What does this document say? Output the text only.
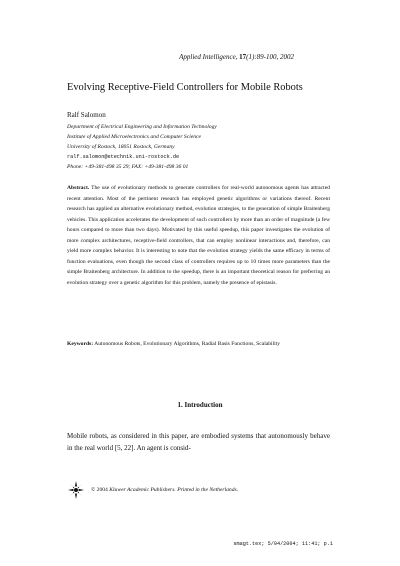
Applied Intelligence, 17(1):89-100, 2002
Evolving Receptive-Field Controllers for Mobile Robots
Ralf Salomon
Department of Electrical Engineering and Information Technology
Institute of Applied Microelectronics and Computer Science
University of Rostock, 18051 Rostock, Germany
ralf.salomon@etechnik.uni-rostock.de
Phone: +49-381-498 35 29; FAX: +49-381-498 36 01
Abstract. The use of evolutionary methods to generate controllers for real-world autonomous agents has attracted recent attention. Most of the pertinent research has employed genetic algorithms or variations thereof. Recent research has applied an alternative evolutionary method, evolution strategies, to the generation of simple Braitenberg vehicles. This application accelerates the development of such controllers by more than an order of magnitude (a few hours compared to more than two days). Motivated by this useful speedup, this paper investigates the evolution of more complex architectures, receptive-field controllers, that can employ nonlinear interactions and, therefore, can yield more complex behavior. It is interesting to note that the evolution strategy yields the same efficacy in terms of function evaluations, even though the second class of controllers requires up to 10 times more parameters than the simple Braitenberg architecture. In addition to the speedup, there is an important theoretical reason for preferring an evolution strategy over a genetic algorithm for this problem, namely the presence of epistasis.
Keywords: Autonomous Robots, Evolutionary Algorithms, Radial Basis Functions, Scalability
1. Introduction
Mobile robots, as considered in this paper, are embodied systems that autonomously behave in the real world [5, 22]. An agent is consid-
© 2004
Kluwer Academic Publishers. Printed in the Netherlands.
smagt.tex; 5/04/2004; 11:41; p.1
